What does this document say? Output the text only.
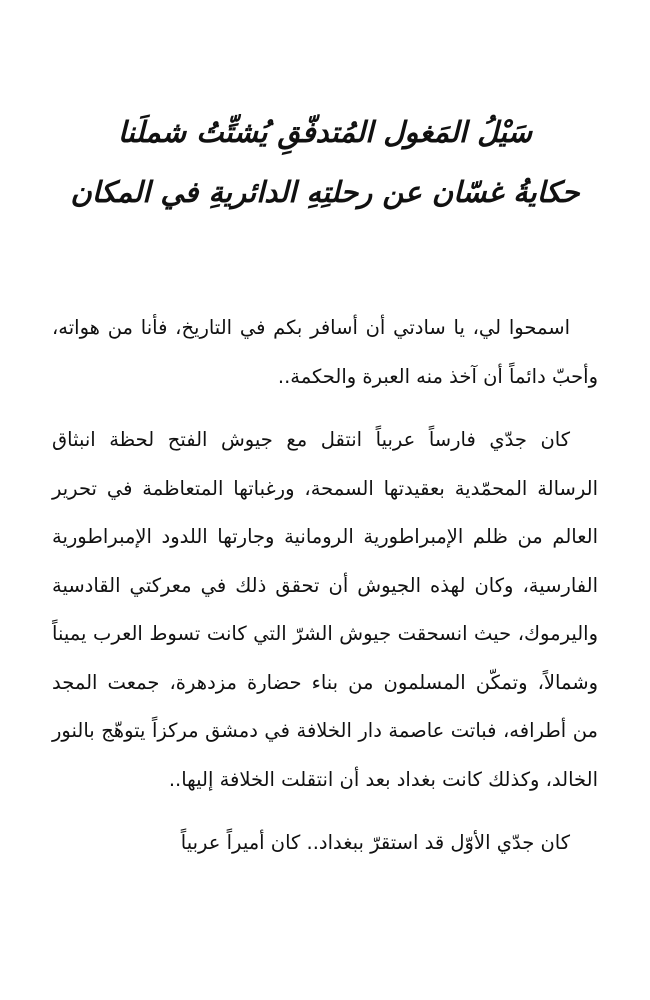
سَيْلُ المَغول المُتدفّقِ يُشتِّتُ شملَنا
حكايةُ غسّان عن رحلتِهِ الدائريةِ في المكان

اسمحوا لي، يا سادتي أن أسافر بكم في التاريخ، فأنا من هواته، وأحبّ دائماً أن آخذ منه العبرة والحكمة..

كان جدّي فارساً عربياً انتقل مع جيوش الفتح لحظة انبثاق الرسالة المحمّدية بعقيدتها السمحة، ورغباتها المتعاظمة في تحرير العالم من ظلم الإمبراطورية الرومانية وجارتها اللدود الإمبراطورية الفارسية، وكان لهذه الجيوش أن تحقق ذلك في معركتي القادسية واليرموك، حيث انسحقت جيوش الشرّ التي كانت تسوط العرب يميناً وشمالاً، وتمكّن المسلمون من بناء حضارة مزدهرة، جمعت المجد من أطرافه، فباتت عاصمة دار الخلافة في دمشق مركزاً يتوهّج بالنور الخالد، وكذلك كانت بغداد بعد أن انتقلت الخلافة إليها..

كان جدّي الأوّل قد استقرّ ببغداد.. كان أميراً عربياً
